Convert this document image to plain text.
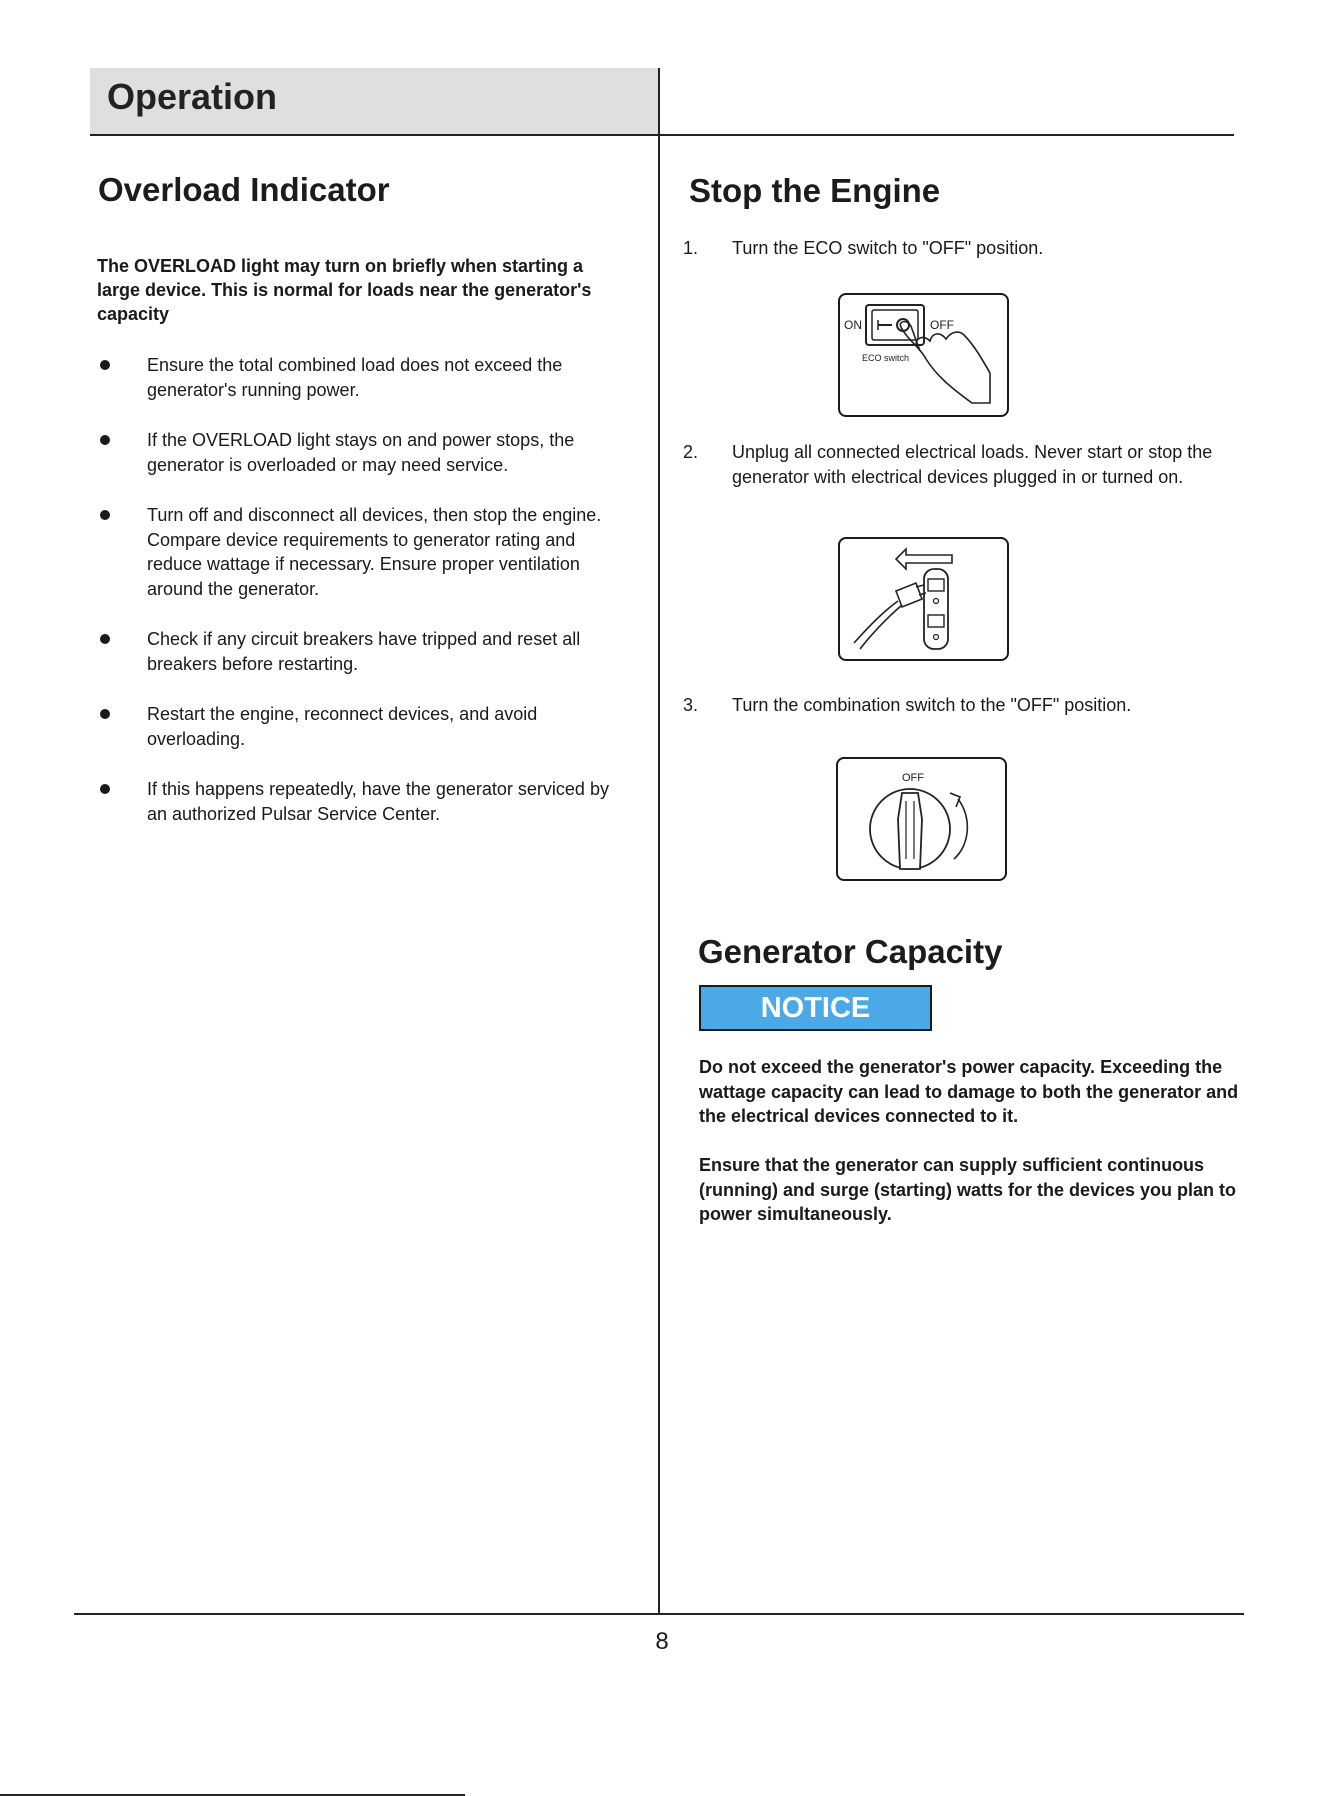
Operation
Overload Indicator
The OVERLOAD light may turn on briefly when starting a large device. This is normal for loads near the generator's capacity
Ensure the total combined load does not exceed the generator's running power.
If the OVERLOAD light stays on and power stops, the generator is overloaded or may need service.
Turn off and disconnect all devices, then stop the engine. Compare device requirements to generator rating and reduce wattage if necessary. Ensure proper ventilation around the generator.
Check if any circuit breakers have tripped and reset all breakers before restarting.
Restart the engine, reconnect devices, and avoid overloading.
If this happens repeatedly, have the generator serviced by an authorized Pulsar Service Center.
Stop the Engine
1. Turn the ECO switch to "OFF" position.
ON	OFF
ECO switch
2. Unplug all connected electrical loads. Never start or stop the generator with electrical devices plugged in or turned on.
3. Turn the combination switch to the "OFF" position.
OFF
Generator Capacity
NOTICE
Do not exceed the generator's power capacity. Exceeding the wattage capacity can lead to damage to both the generator and the electrical devices connected to it.
Ensure that the generator can supply sufficient continuous (running) and surge (starting) watts for the devices you plan to power simultaneously.
8
